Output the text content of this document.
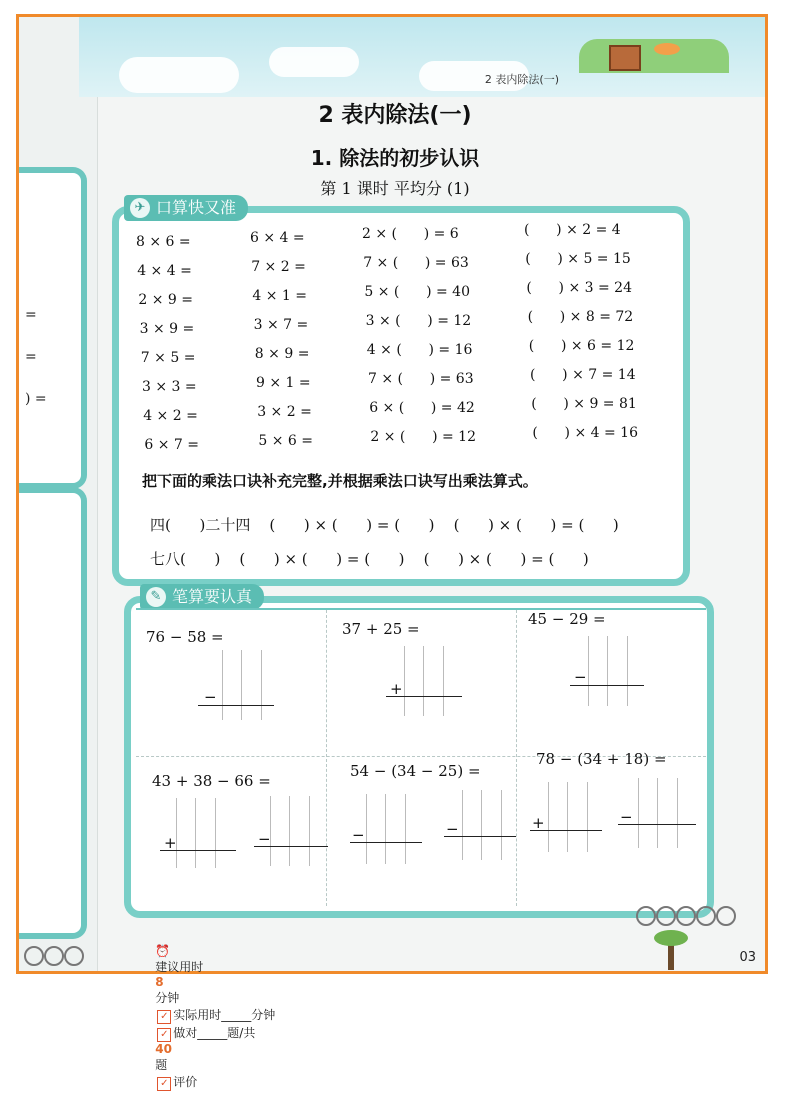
=
=
) =
2 表内除法(一)
2 表内除法(一)
1. 除法的初步认识
第 1 课时 平均分 (1)
✈ 口算快又准
8 × 6 =	6 × 4 =	2 × (      ) = 6	(      ) × 2 = 4
4 × 4 =	7 × 2 =	7 × (      ) = 63	(      ) × 5 = 15
2 × 9 =	4 × 1 =	5 × (      ) = 40	(      ) × 3 = 24
3 × 9 =	3 × 7 =	3 × (      ) = 12	(      ) × 8 = 72
7 × 5 =	8 × 9 =	4 × (      ) = 16	(      ) × 6 = 12
3 × 3 =	9 × 1 =	7 × (      ) = 63	(      ) × 7 = 14
4 × 2 =	3 × 2 =	6 × (      ) = 42	(      ) × 9 = 81
6 × 7 =	5 × 6 =	2 × (      ) = 12	(      ) × 4 = 16
把下面的乘法口诀补充完整,并根据乘法口诀写出乘法算式。
四(      )二十四    (      ) × (      ) = (      )    (      ) × (      ) = (      )
七八(      )    (      ) × (      ) = (      )    (      ) × (      ) = (      )
✎ 笔算要认真
76 − 58 =	37 + 25 =
45 − 29 =
43 + 38 − 66 =
54 − (34 − 25) =
78 − (34 + 18) =
−	+
−
+	−	−	−	+	−

⏰
建议用时
8
分钟
✓ 实际用时_____分钟
✓ 做对_____题/共
40
题
✓ 评价

03
